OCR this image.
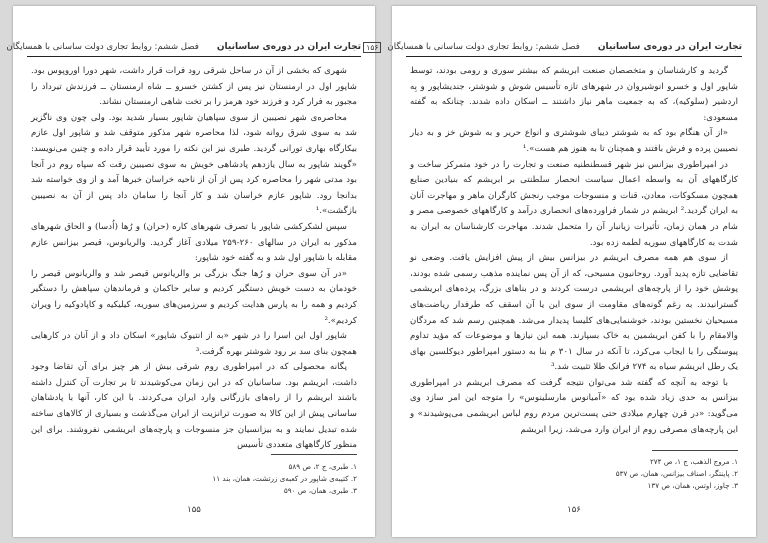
تجارت ایران در دوره‌ی ساسانیان
فصل ششم: روابط تجاری دولت ساسانی با همسایگان

شهری که بخشی از آن در ساحل شرقی رود فرات قرار داشت، شهر دورا اوروپوس بود. شاپور اول در ارمنستان نیز پس از کشتن خسرو ــ شاه ارمنستان ــ فرزندش تیرداد را مجبور به فرار کرد و فرزند خود هرمز را بر تخت شاهی ارمنستان نشاند.

محاصره‌ی شهر نصیبین از سوی سپاهیان شاپور بسیار شدید بود. ولی چون وی ناگزیر شد به سوی شرق روانه شود، لذا محاصره شهر مذکور متوقف شد و شاپور اول عازم بیکارگاه بهاری تورانی گردید. طبری نیز این نکته را مورد تأیید قرار داده و چنین می‌نویسد: «گویند شاپور به سال یازدهم پادشاهی خویش به سوی نصیبین رفت که سپاه روم در آنجا بود مدتی شهر را محاصره کرد پس از آن از ناحیه خراسان خبرها آمد و از وی خواسته شد بدانجا رود. شاپور عازم خراسان شد و کار آنجا را سامان داد پس از آن به نصیبین بازگشت».¹

سپس لشکرکشی شاپور با تصرف شهرهای کاره (حران) و رُها (اُدسا) و الحاق شهرهای مذکور به ایران در سالهای ۲۶۰-۲۵۹ میلادی آغاز گردید. والریانوس، قیصر بیزانس عازم مقابله با شاپور اول شد و به گفته خود شاپور:

«در آن سوی حران و رُها جنگ بزرگی بر والریانوس قیصر شد و والریانوس قیصر را خودمان به دست خویش دستگیر کردیم و سایر حاکمان و فرماندهان سپاهش را دستگیر کردیم و همه را به پارس هدایت کردیم و سرزمین‌های سوریه، کیلیکیه و کاپادوکیه را ویران کردیم».²

شاپور اول این اسرا را در شهر «به از انتیوک شاپور» اسکان داد و از آنان در کارهایی همچون بنای سد بر رود شوشتر بهره گرفت.³

پگانه محصولی که در امپراطوری روم شرقی بیش از هر چیز برای آن تقاضا وجود داشت، ابریشم بود. ساسانیان که در این زمان می‌کوشیدند تا بر تجارت آن کنترل داشته باشند ابریشم را از راه‌های بازرگانی وارد ایران می‌کردند. با این کار، آنها با پادشاهان ساسانی پیش از این کالا به صورت ترانزیت از ایران می‌گذشت و بسیاری از کالاهای ساخته شده تبدیل نمایند و به بیزانسیان جز منسوجات و پارچه‌های ابریشمی نفروشند. برای این منظور کارگاههای متعددی تأسیس

۱. طبری، ج ۲، ص ۵۸۹
۲. کتیبه‌ی شاپور در کعبه‌ی زرتشت، همان، بند ۱۱
۳. طبری، همان، ص ۵۹۰
۱۵۵
تجارت ایران در دوره‌ی ساسانیان
فصل ششم: روابط تجاری دولت ساسانی با همسایگان
۱۵۶

گردید و کارشناسان و متخصصان صنعت ابریشم که بیشتر سوری و رومی بودند، توسط شاپور اول و خسرو انوشیروان در شهرهای تازه تأسیس شوش و شوشتر، جندیشاپور و بِه اردشیر (سلوکیه)، که به جمعیت ماهر نیاز داشتند ــ اسکان داده شدند. چنانکه به گفته مسعودی:

«از آن هنگام بود که به شوشتر دیبای شوشتری و انواع حریر و به شوش خز و به دیار نصیبین پرده و فرش بافتند و همچنان تا به هنوز هم هست».¹

در امپراطوری بیزانس نیز شهر قسطنطنیه صنعت و تجارت را در خود متمرکز ساخت و کارگاههای آن به واسطه اعمال سیاست انحصار سلطنتی بر ابریشم که بنیادین صنایع همچون مسکوکات، معادن، قنات و منسوجات موجب رنجش کارگران ماهر و مهاجرت آنان به ایران گردید.² ابریشم در شمار فراورده‌های انحصاری درآمد و کارگاههای خصوصی مصر و شام در همان زمان، تأثیرات زیانبار آن را متحمل شدند. مهاجرت کارشناسان به ایران به شدت به کارگاههای سوریه لطمه زده بود.

از سوی هم همه مصرف ابریشم در بیزانس بیش از پیش افزایش یافت. وضعی نو تقاضایی تازه پدید آورد. روحانیون مسیحی، که از آن پس نماینده مذهب رسمی شده بودند، پوشش خود را از پارچه‌های ابریشمی درست کردند و در بناهای بزرگ، پرده‌های ابریشمی گسترانیدند. به رغم گونه‌های مقاومت از سوی این یا آن اسقف که طرفدار ریاضت‌های مسیحیان نخستین بودند، خوشنمایی‌های کلیسا پدیدار می‌شد. همچنین رسم شد که مردگان والامقام را با کفن ابریشمین به خاک بسپارند. همه این نیازها و موضوعات که مؤید تداوم پیوستگی را با ایجاب می‌کرد، تا آنکه در سال ۳۰۱ م بنا به دستور امپراطور دیوکلسین بهای یک رطل ابریشم سیاه به ۲۷۴ فرانک طلا تثبیت شد.³

با توجه به آنچه که گفته شد می‌توان نتیجه گرفت که مصرف ابریشم در امپراطوری بیزانس به حدی زیاد شده بود که «آمیانوس مارسلینوس» را متوجه این امر سازد وی می‌گوید: «در قرن چهارم میلادی حتی پست‌ترین مردم روم لباس ابریشمی می‌پوشیدند» و این پارچه‌های مصرفی روم از ایران وارد می‌شد، زیرا ابریشم

۱. مروج الذهب، ج ۱، ص ۲۷۴
۲. پاینتگر، اصناف بیزانس، همان، ص ۵۳۷
۳. چاوز، اوتس، همان، ص ۱۳۷
۱۵۶
